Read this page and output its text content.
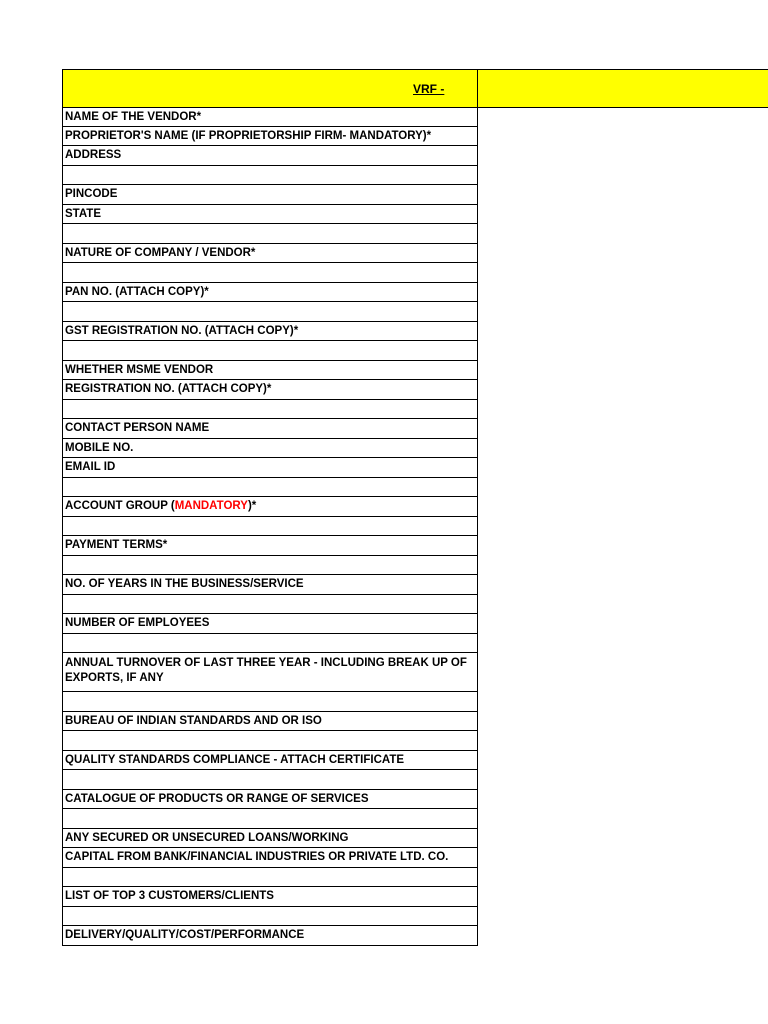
VRF -
NAME OF THE VENDOR*
PROPRIETOR'S NAME (IF PROPRIETORSHIP FIRM- MANDATORY)*
ADDRESS
PINCODE
STATE
NATURE OF COMPANY / VENDOR*
PAN NO. (ATTACH COPY)*
GST REGISTRATION NO. (ATTACH COPY)*
WHETHER MSME VENDOR
REGISTRATION NO. (ATTACH COPY)*
CONTACT PERSON NAME
MOBILE NO.
EMAIL ID
ACCOUNT GROUP (MANDATORY)*
PAYMENT TERMS*
NO. OF YEARS IN THE BUSINESS/SERVICE
NUMBER OF EMPLOYEES
ANNUAL TURNOVER OF LAST THREE YEAR - INCLUDING BREAK UP OF EXPORTS, IF ANY
BUREAU OF INDIAN STANDARDS AND OR ISO
QUALITY STANDARDS COMPLIANCE - ATTACH CERTIFICATE
CATALOGUE OF PRODUCTS OR RANGE OF SERVICES
ANY SECURED OR UNSECURED LOANS/WORKING
CAPITAL FROM BANK/FINANCIAL INDUSTRIES OR PRIVATE LTD. CO.
LIST OF TOP 3 CUSTOMERS/CLIENTS
DELIVERY/QUALITY/COST/PERFORMANCE
